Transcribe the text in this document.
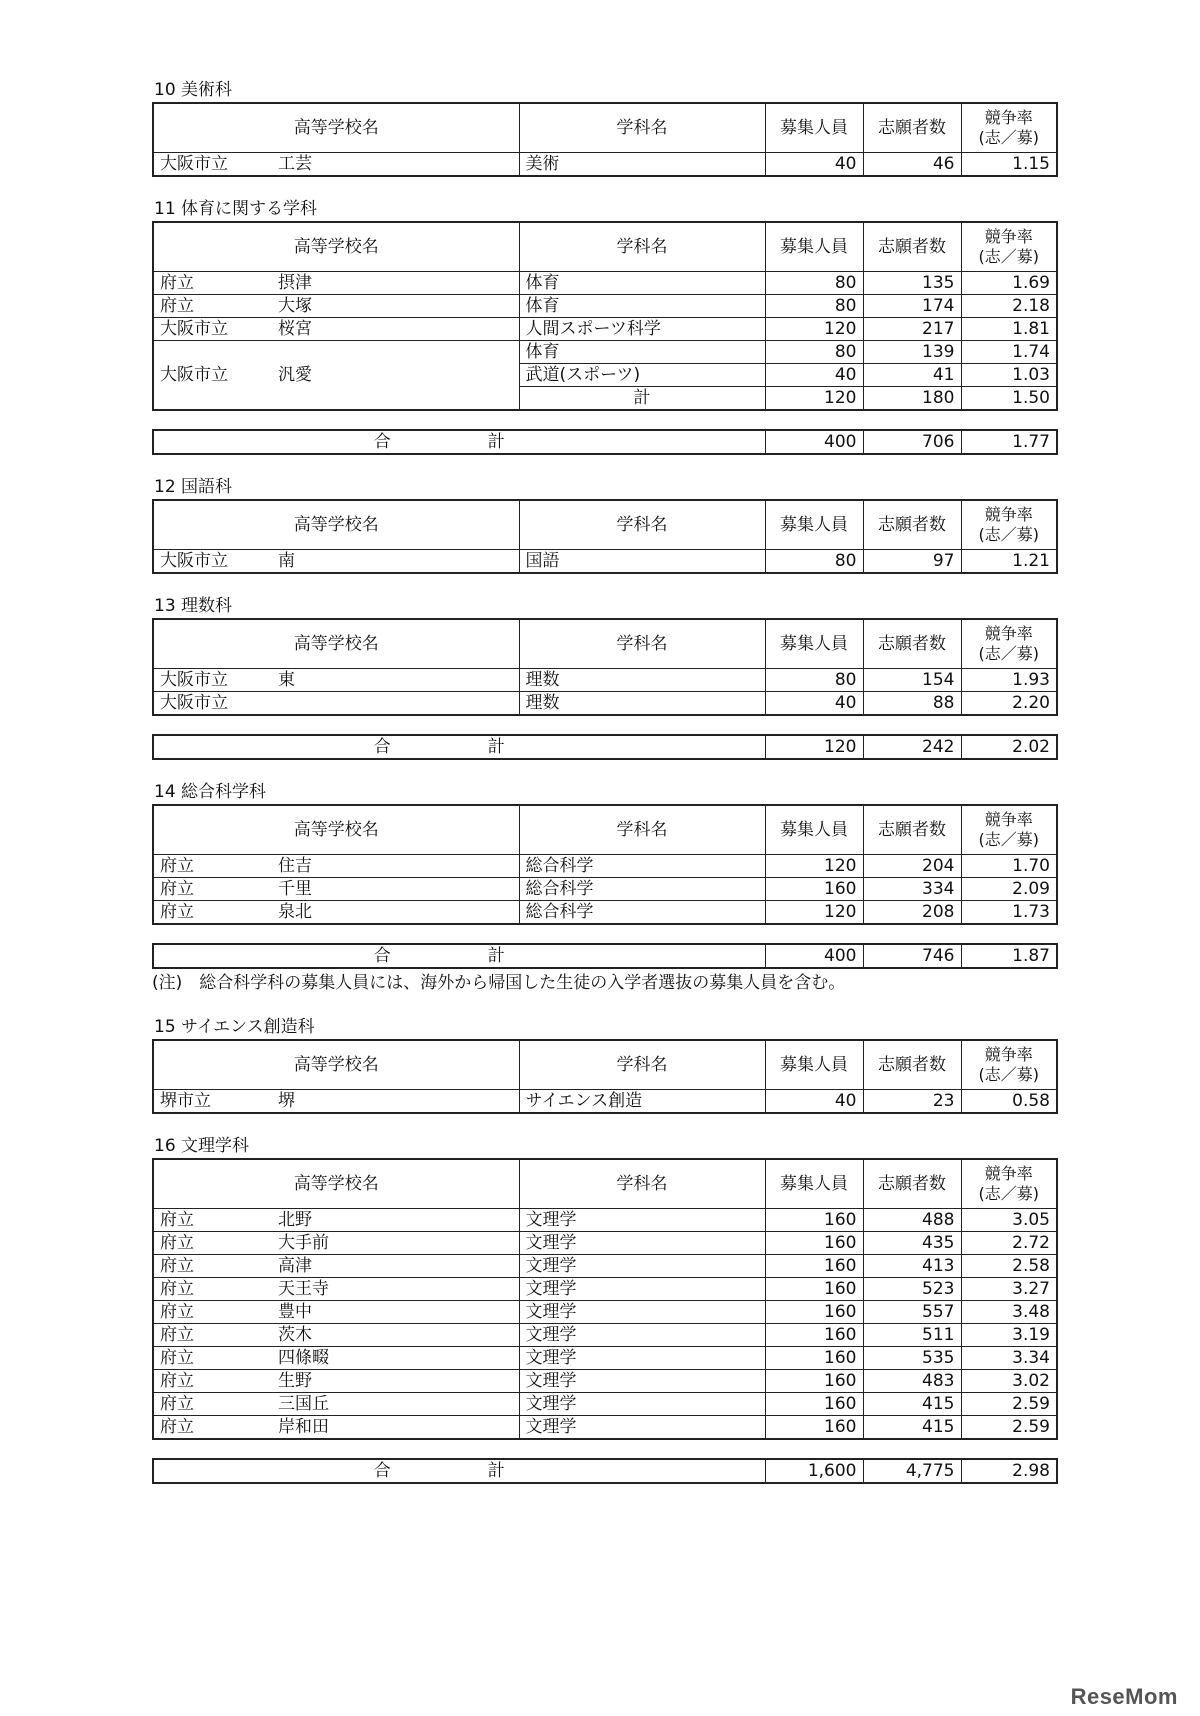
10 美術科
高等学校名	学科名	募集人員	志願者数	競争率
(志／募)
大阪市立 工芸	美術	40	46	1.15
11 体育に関する学科
高等学校名	学科名	募集人員	志願者数	競争率
(志／募)
府立 摂津	体育	80	135	1.69
府立 大塚	体育	80	174	2.18
大阪市立 桜宮	人間スポーツ科学	120	217	1.81
大阪市立 汎愛	体育	80	139	1.74
	武道(スポーツ)	40	41	1.03
	計	120	180	1.50
合　計	400	706	1.77
12 国語科
高等学校名	学科名	募集人員	志願者数	競争率
(志／募)
大阪市立 南	国語	80	97	1.21
13 理数科
高等学校名	学科名	募集人員	志願者数	競争率
(志／募)
大阪市立 東	理数	80	154	1.93
大阪市立	理数	40	88	2.20
合　計	120	242	2.02
14 総合科学科
高等学校名	学科名	募集人員	志願者数	競争率
(志／募)
府立 住吉	総合科学	120	204	1.70
府立 千里	総合科学	160	334	2.09
府立 泉北	総合科学	120	208	1.73
合　計	400	746	1.87
(注)　総合科学科の募集人員には、海外から帰国した生徒の入学者選抜の募集人員を含む。
15 サイエンス創造科
高等学校名	学科名	募集人員	志願者数	競争率
(志／募)
堺市立 堺	サイエンス創造	40	23	0.58
16 文理学科
高等学校名	学科名	募集人員	志願者数	競争率
(志／募)
府立 北野	文理学	160	488	3.05
府立 大手前	文理学	160	435	2.72
府立 高津	文理学	160	413	2.58
府立 天王寺	文理学	160	523	3.27
府立 豊中	文理学	160	557	3.48
府立 茨木	文理学	160	511	3.19
府立 四條畷	文理学	160	535	3.34
府立 生野	文理学	160	483	3.02
府立 三国丘	文理学	160	415	2.59
府立 岸和田	文理学	160	415	2.59
合　計	1,600	4,775	2.98
ReseMom
